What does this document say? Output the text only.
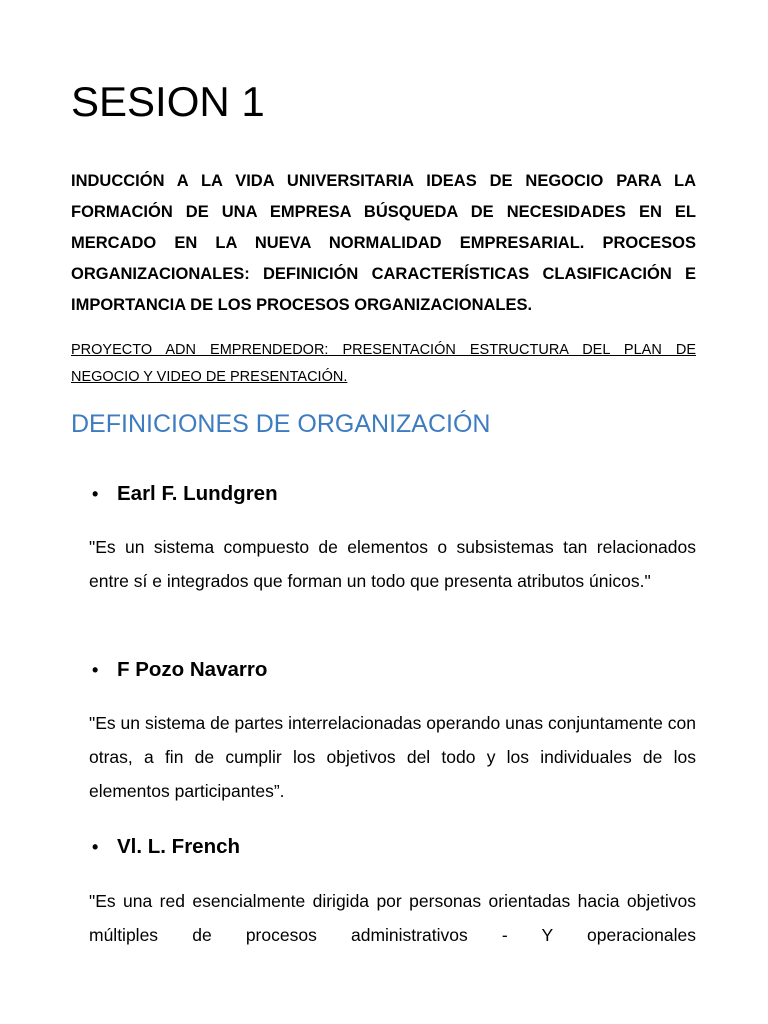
SESION 1

INDUCCIÓN A LA VIDA UNIVERSITARIA IDEAS DE NEGOCIO PARA LA FORMACIÓN DE UNA EMPRESA BÚSQUEDA DE NECESIDADES EN EL MERCADO EN LA NUEVA NORMALIDAD EMPRESARIAL. PROCESOS ORGANIZACIONALES: DEFINICIÓN CARACTERÍSTICAS CLASIFICACIÓN E IMPORTANCIA DE LOS PROCESOS ORGANIZACIONALES.

PROYECTO ADN EMPRENDEDOR: PRESENTACIÓN ESTRUCTURA DEL PLAN DE NEGOCIO Y VIDEO DE PRESENTACIÓN.

DEFINICIONES DE ORGANIZACIÓN
• Earl F. Lundgren

"Es un sistema compuesto de elementos o subsistemas tan relacionados entre sí e integrados que forman un todo que presenta atributos únicos."

• F Pozo Navarro

"Es un sistema de partes interrelacionadas operando unas conjuntamente con otras, a fin de cumplir los objetivos del todo y los individuales de los elementos participantes”.

• Vl. L. French

"Es una red esencialmente dirigida por personas orientadas hacia objetivos múltiples de procesos administrativos - Y operacionales
